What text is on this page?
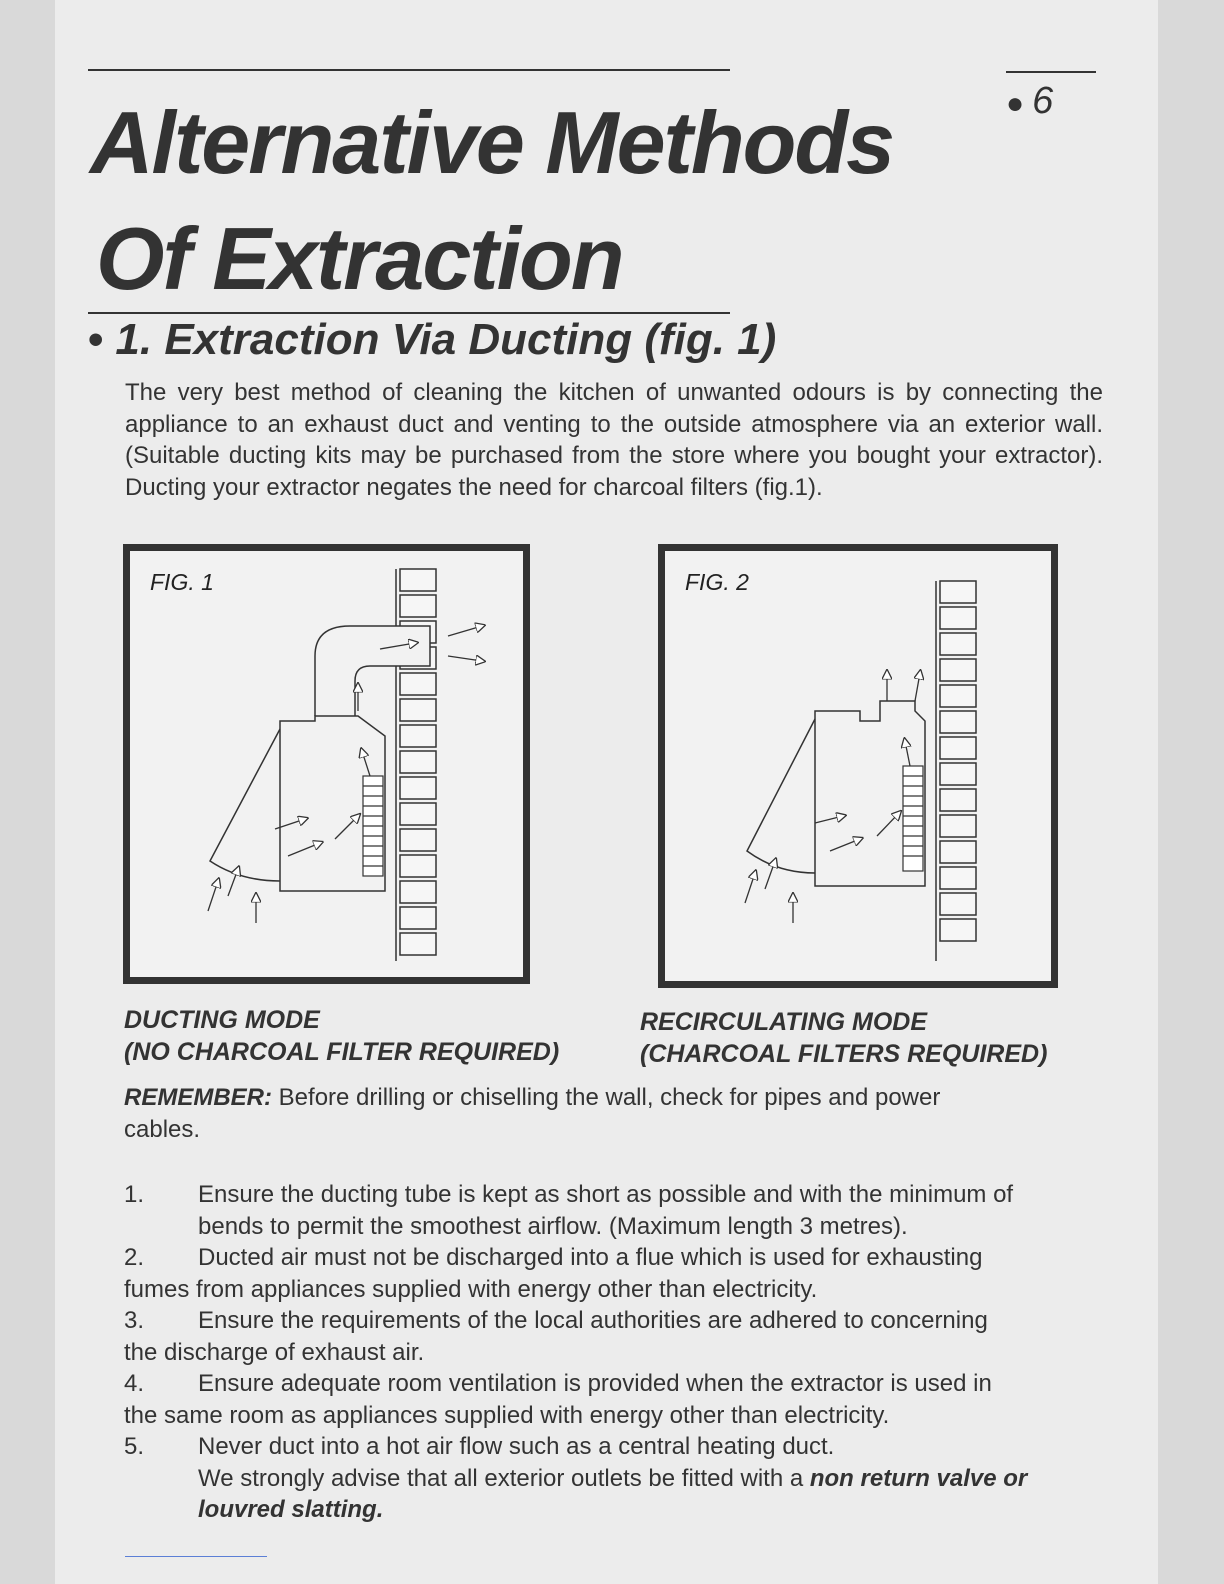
● 6
Alternative Methods
Of Extraction
• 1. Extraction Via Ducting (fig. 1)

The very best method of cleaning the kitchen of unwanted odours is by connecting the appliance to an exhaust duct and venting to the outside atmosphere via an exterior wall. (Suitable ducting kits may be purchased from the store where you bought your extractor). Ducting your extractor negates the need for charcoal filters (fig.1).

FIG. 1	FIG. 2

DUCTING MODE
(NO CHARCOAL FILTER REQUIRED)

RECIRCULATING MODE
(CHARCOAL FILTERS REQUIRED)

REMEMBER: Before drilling or chiselling the wall, check for pipes and power cables.

1. Ensure the ducting tube is kept as short as possible and with the minimum of
bends to permit the smoothest airflow. (Maximum length 3 metres).
2. Ducted air must not be discharged into a flue which is used for exhausting
fumes from appliances supplied with energy other than electricity.
3. Ensure the requirements of the local authorities are adhered to concerning
the discharge of exhaust air.
4. Ensure adequate room ventilation is provided when the extractor is used in
the same room as appliances supplied with energy other than electricity.
5. Never duct into a hot air flow such as a central heating duct.

We strongly advise that all exterior outlets be fitted with a non return valve or louvred slatting.
